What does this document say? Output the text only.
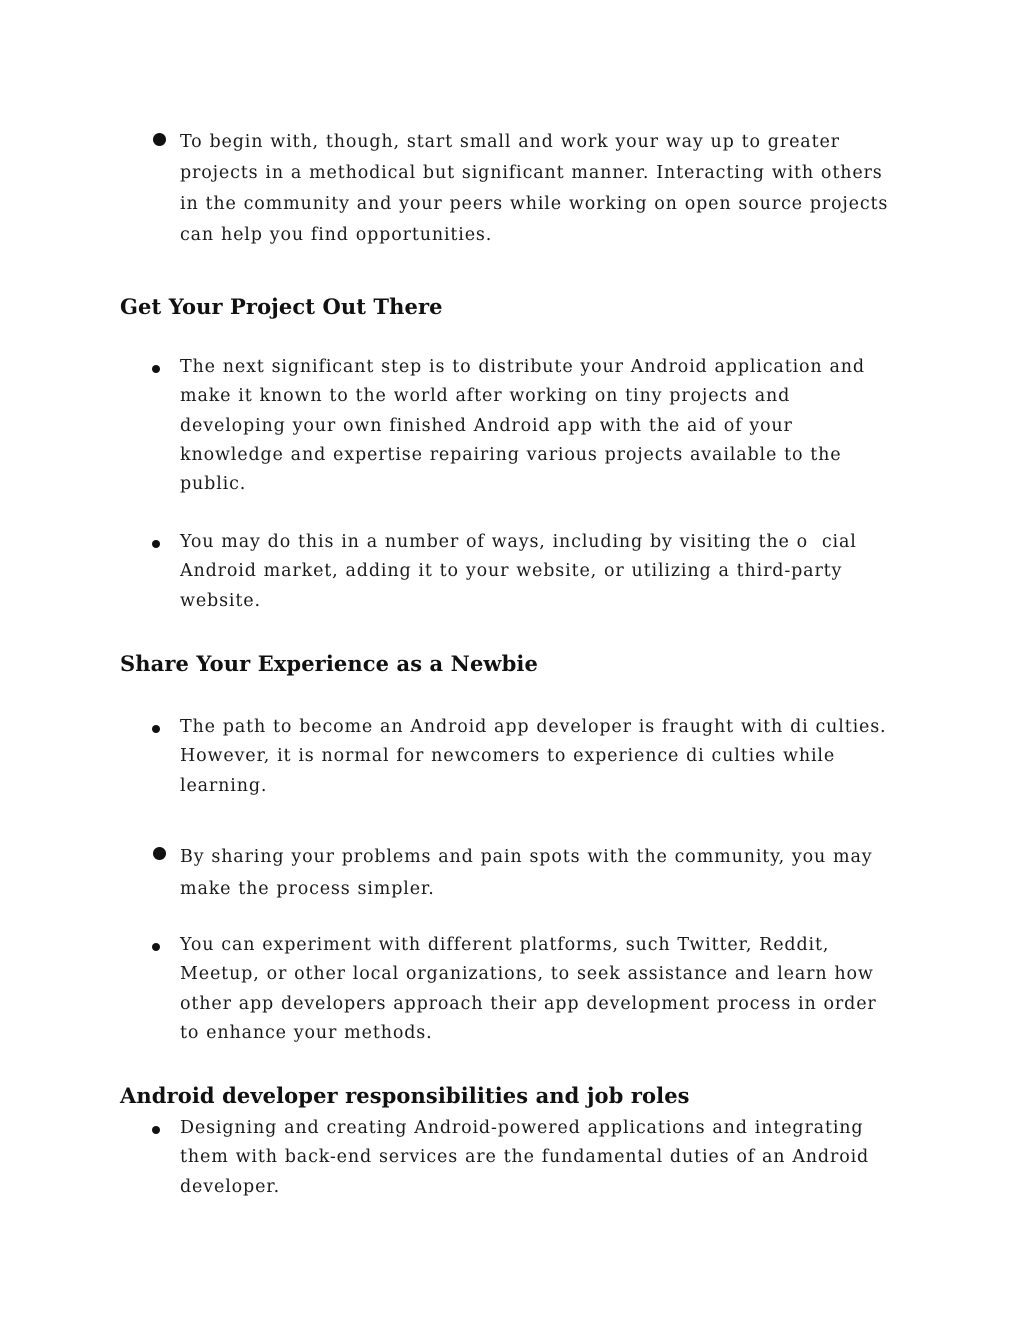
To begin with, though, start small and work your way up to greater projects in a methodical but significant manner. Interacting with others in the community and your peers while working on open source projects can help you find opportunities.
Get Your Project Out There
The next significant step is to distribute your Android application and make it known to the world after working on tiny projects and developing your own finished Android app with the aid of your knowledge and expertise repairing various projects available to the public.
You may do this in a number of ways, including by visiting the o  cial Android market, adding it to your website, or utilizing a third-party website.
Share Your Experience as a Newbie
The path to become an Android app developer is fraught with di culties. However, it is normal for newcomers to experience di culties while learning.
By sharing your problems and pain spots with the community, you may make the process simpler.
You can experiment with different platforms, such Twitter, Reddit, Meetup, or other local organizations, to seek assistance and learn how other app developers approach their app development process in order to enhance your methods.
Android developer responsibilities and job roles
Designing and creating Android-powered applications and integrating them with back-end services are the fundamental duties of an Android developer.
